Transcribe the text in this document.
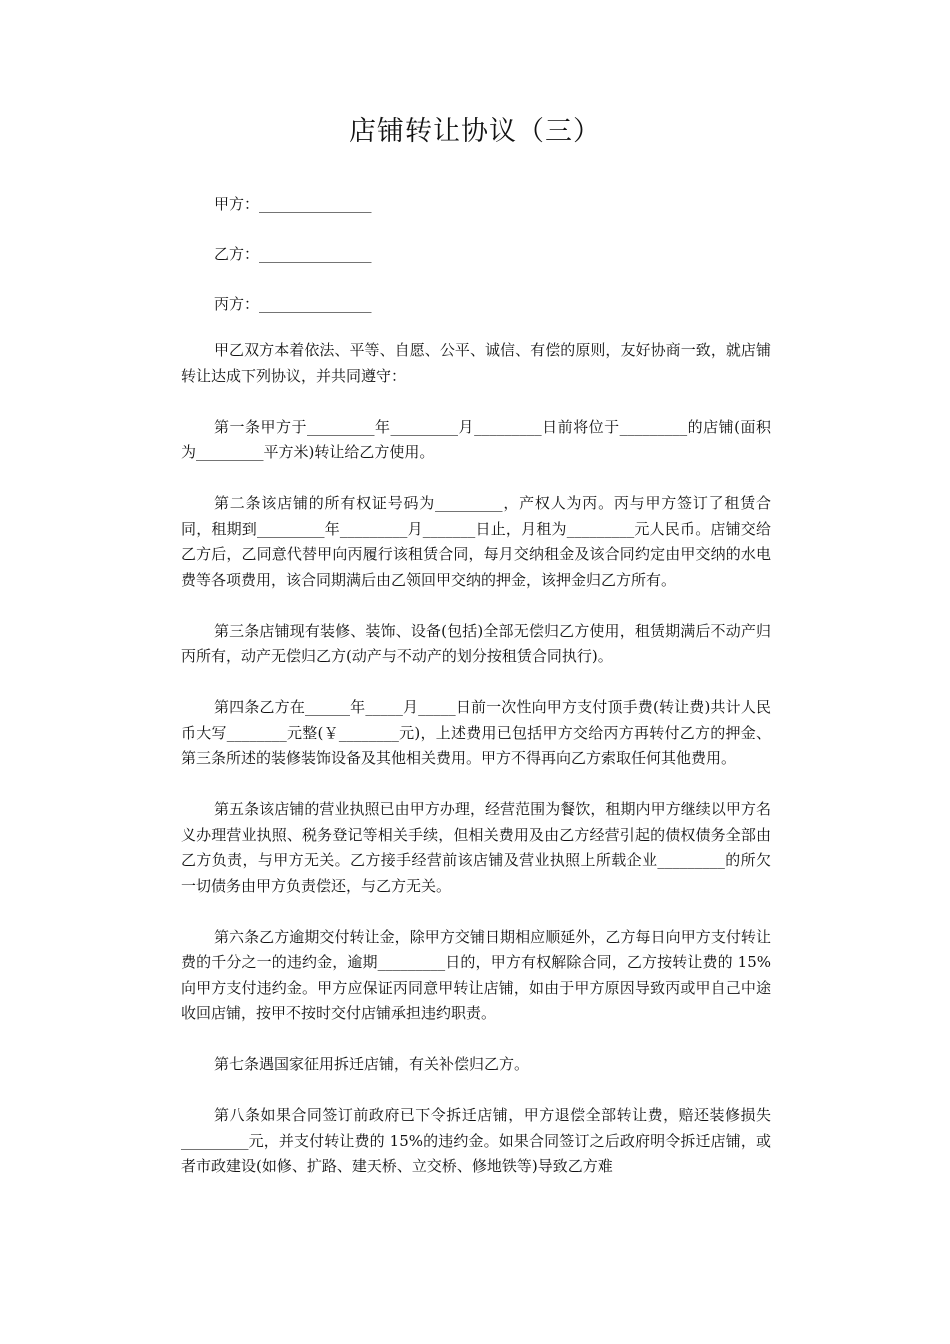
店铺转让协议（三）
甲方：_______________
乙方：_______________
丙方：_______________

甲乙双方本着依法、平等、自愿、公平、诚信、有偿的原则，友好协商一致，就店铺转让达成下列协议，并共同遵守：

第一条甲方于_________年_________月_________日前将位于_________的店铺(面积为_________平方米)转让给乙方使用。

第二条该店铺的所有权证号码为_________，产权人为丙。丙与甲方签订了租赁合同，租期到_________年_________月_______日止，月租为_________元人民币。店铺交给乙方后，乙同意代替甲向丙履行该租赁合同，每月交纳租金及该合同约定由甲交纳的水电费等各项费用，该合同期满后由乙领回甲交纳的押金，该押金归乙方所有。

第三条店铺现有装修、装饰、设备(包括)全部无偿归乙方使用，租赁期满后不动产归丙所有，动产无偿归乙方(动产与不动产的划分按租赁合同执行)。

第四条乙方在______年_____月_____日前一次性向甲方支付顶手费(转让费)共计人民币大写________元整(￥________元)，上述费用已包括甲方交给丙方再转付乙方的押金、第三条所述的装修装饰设备及其他相关费用。甲方不得再向乙方索取任何其他费用。

第五条该店铺的营业执照已由甲方办理，经营范围为餐饮，租期内甲方继续以甲方名义办理营业执照、税务登记等相关手续，但相关费用及由乙方经营引起的债权债务全部由乙方负责，与甲方无关。乙方接手经营前该店铺及营业执照上所载企业_________的所欠一切债务由甲方负责偿还，与乙方无关。

第六条乙方逾期交付转让金，除甲方交铺日期相应顺延外，乙方每日向甲方支付转让费的千分之一的违约金，逾期_________日的，甲方有权解除合同，乙方按转让费的 15%向甲方支付违约金。甲方应保证丙同意甲转让店铺，如由于甲方原因导致丙或甲自己中途收回店铺，按甲不按时交付店铺承担违约职责。

第七条遇国家征用拆迁店铺，有关补偿归乙方。

第八条如果合同签订前政府已下令拆迁店铺，甲方退偿全部转让费，赔还装修损失_________元，并支付转让费的 15%的违约金。如果合同签订之后政府明令拆迁店铺，或者市政建设(如修、扩路、建天桥、立交桥、修地铁等)导致乙方难
